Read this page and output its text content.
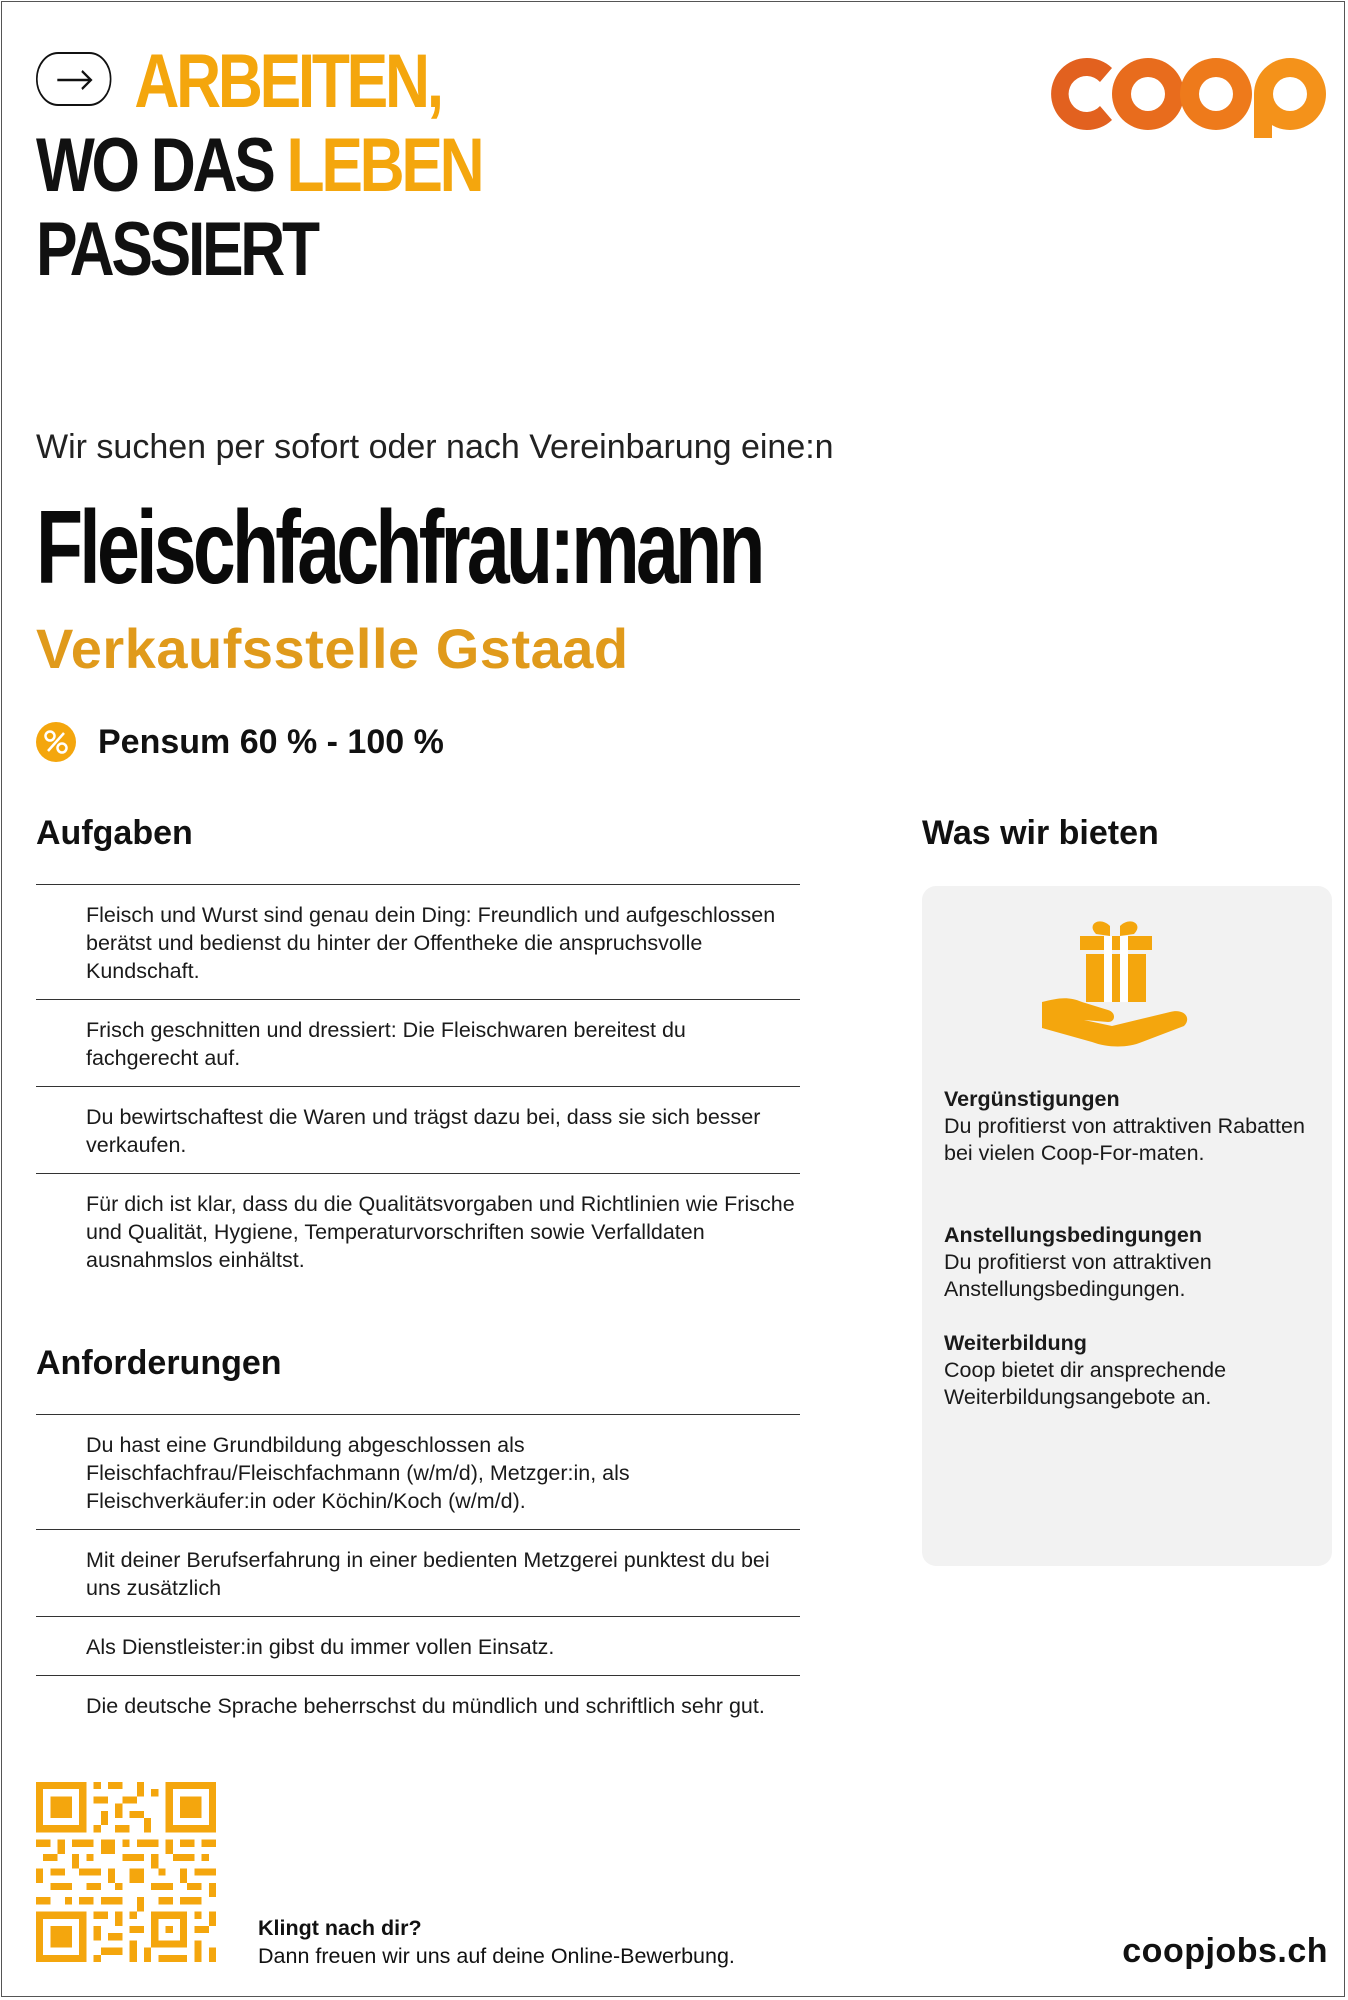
ARBEITEN,
WO DAS LEBEN
PASSIERT
Wir suchen per sofort oder nach Vereinbarung eine:n
Fleischfachfrau:mann
Verkaufsstelle Gstaad
Pensum 60 % - 100 %
Aufgaben
Fleisch und Wurst sind genau dein Ding: Freundlich und aufgeschlossen berätst und bedienst du hinter der Offentheke die anspruchsvolle Kundschaft.
Frisch geschnitten und dressiert: Die Fleischwaren bereitest du fachgerecht auf.
Du bewirtschaftest die Waren und trägst dazu bei, dass sie sich besser verkaufen.
Für dich ist klar, dass du die Qualitätsvorgaben und Richtlinien wie Frische und Qualität, Hygiene, Temperaturvorschriften sowie Verfalldaten ausnahmslos einhältst.
Anforderungen
Du hast eine Grundbildung abgeschlossen als Fleischfachfrau/Fleischfachmann (w/m/d), Metzger:in, als Fleischverkäufer:in oder Köchin/Koch (w/m/d).
Mit deiner Berufserfahrung in einer bedienten Metzgerei punktest du bei uns zusätzlich
Als Dienstleister:in gibst du immer vollen Einsatz.
Die deutsche Sprache beherrschst du mündlich und schriftlich sehr gut.
Was wir bieten
Vergünstigungen
Du profitierst von attraktiven Rabatten bei vielen Coop-For-maten.
Anstellungsbedingungen
Du profitierst von attraktiven Anstellungsbedingungen.
Weiterbildung
Coop bietet dir ansprechende Weiterbildungsangebote an.
Klingt nach dir?
Dann freuen wir uns auf deine Online-Bewerbung.	coopjobs.ch
